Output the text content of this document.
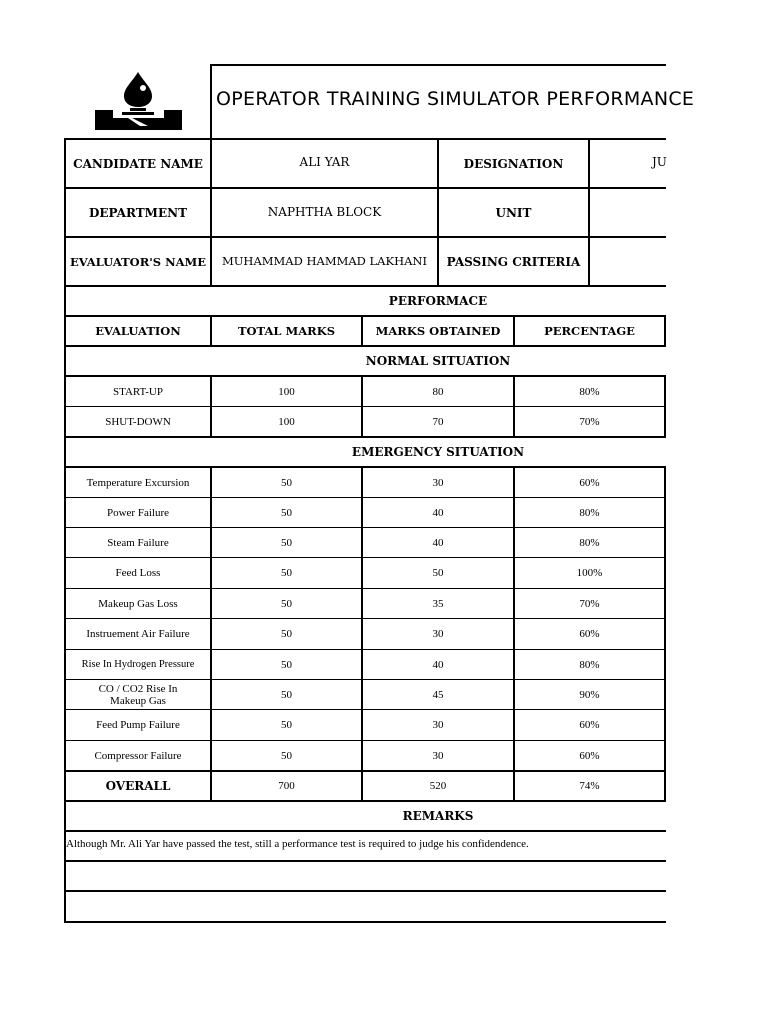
OPERATOR TRAINING SIMULATOR PERFORMANCE
CANDIDATE NAME	ALI YAR	DESIGNATION	JU
DEPARTMENT	NAPHTHA BLOCK	UNIT
EVALUATOR'S NAME	MUHAMMAD HAMMAD LAKHANI	PASSING CRITERIA
PERFORMACE
EVALUATION	TOTAL MARKS	MARKS OBTAINED	PERCENTAGE
NORMAL SITUATION
START-UP	100	80	80%
SHUT-DOWN	100	70	70%
EMERGENCY SITUATION
Temperature Excursion	50	30	60%
Power Failure	50	40	80%
Steam Failure	50	40	80%
Feed Loss	50	50	100%
Makeup Gas Loss	50	35	70%
Instruement Air Failure	50	30	60%
Rise In Hydrogen Pressure	50	40	80%
CO / CO2 Rise In Makeup Gas	50	45	90%
Feed Pump Failure	50	30	60%
Compressor Failure	50	30	60%
OVERALL	700	520	74%
REMARKS
Although Mr. Ali Yar have passed the test, still a performance test is required to judge his confidendence.
